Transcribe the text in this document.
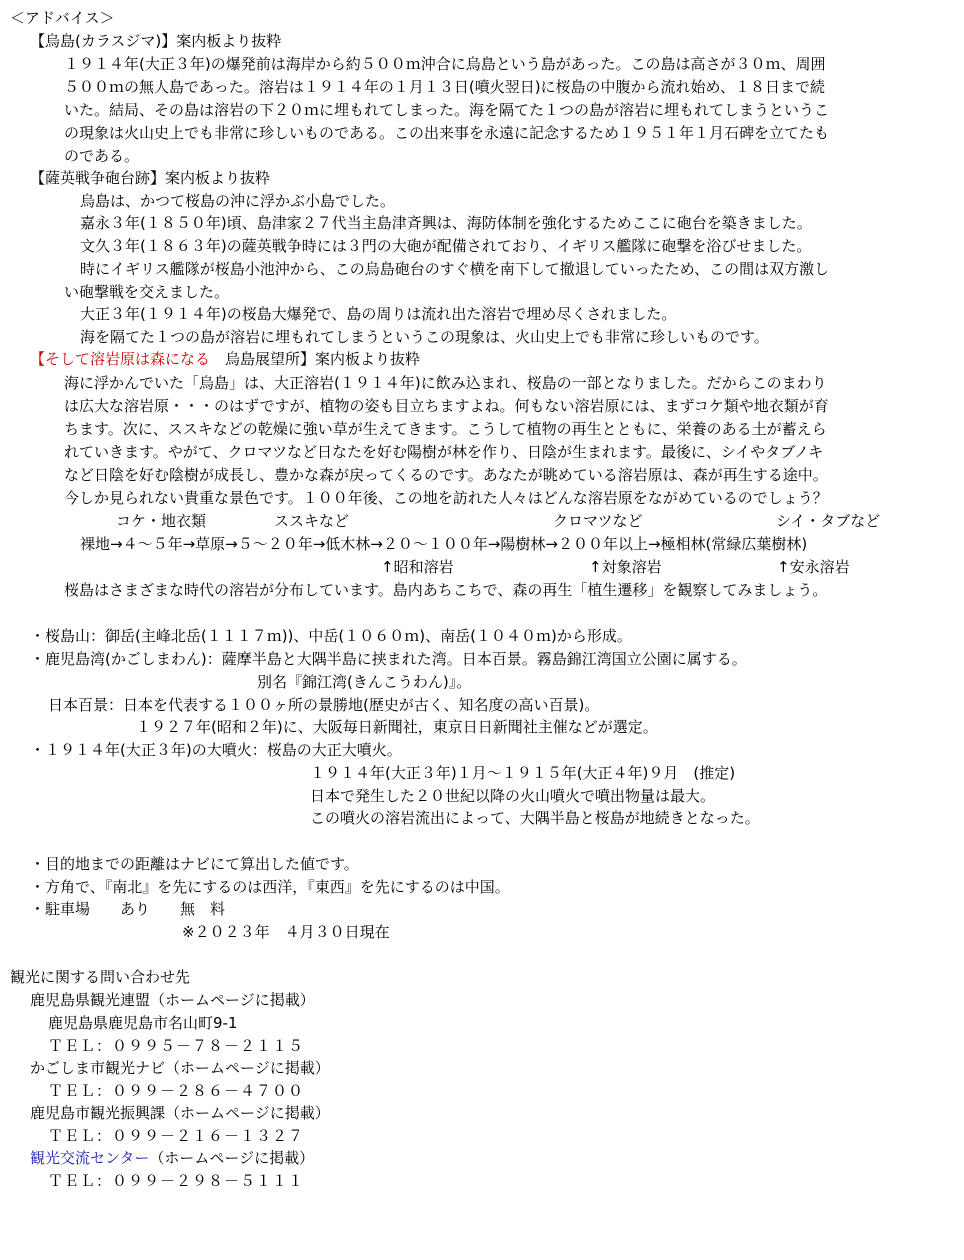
＜アドバイス＞
【烏島(カラスジマ)】案内板より抜粋
１９１４年(大正３年)の爆発前は海岸から約５００ｍ沖合に烏島という島があった。この島は高さが３０ｍ、周囲
５００ｍの無人島であった。溶岩は１９１４年の１月１３日(噴火翌日)に桜島の中腹から流れ始め、１８日まで続
いた。結局、その島は溶岩の下２０ｍに埋もれてしまった。海を隔てた１つの島が溶岩に埋もれてしまうというこ
の現象は火山史上でも非常に珍しいものである。この出来事を永遠に記念するため１９５１年１月石碑を立てたも
のである。
【薩英戦争砲台跡】案内板より抜粋
烏島は、かつて桜島の沖に浮かぶ小島でした。
嘉永３年(１８５０年)頃、島津家２７代当主島津斉興は、海防体制を強化するためここに砲台を築きました。
文久３年(１８６３年)の薩英戦争時には３門の大砲が配備されており、イギリス艦隊に砲撃を浴びせました。
時にイギリス艦隊が桜島小池沖から、この烏島砲台のすぐ横を南下して撤退していったため、この間は双方激し
い砲撃戦を交えました。
大正３年(１９１４年)の桜島大爆発で、島の周りは流れ出た溶岩で埋め尽くされました。
海を隔てた１つの島が溶岩に埋もれてしまうというこの現象は、火山史上でも非常に珍しいものです。
【そして溶岩原は森になる　烏島展望所】案内板より抜粋
海に浮かんでいた「烏島」は、大正溶岩(１９１４年)に飲み込まれ、桜島の一部となりました。だからこのまわり
は広大な溶岩原・・・のはずですが、植物の姿も目立ちますよね。何もない溶岩原には、まずコケ類や地衣類が育
ちます。次に、ススキなどの乾燥に強い草が生えてきます。こうして植物の再生とともに、栄養のある土が蓄えら
れていきます。やがて、クロマツなど日なたを好む陽樹が林を作り、日陰が生まれます。最後に、シイやタブノキ
など日陰を好む陰樹が成長し、豊かな森が戻ってくるのです。あなたが眺めている溶岩原は、森が再生する途中。
今しか見られない貴重な景色です。１００年後、この地を訪れた人々はどんな溶岩原をながめているのでしょう？
コケ・地衣類	ススキなど	クロマツなど	シイ・タブなど
裸地→４～５年→草原→５～２０年→低木林→２０～１００年→陽樹林→２００年以上→極相林(常緑広葉樹林)
↑昭和溶岩	↑対象溶岩	↑安永溶岩
桜島はさまざまな時代の溶岩が分布しています。島内あちこちで、森の再生「植生遷移」を観察してみましょう。
・桜島山：御岳(主峰北岳(１１１７ｍ))、中岳(１０６０ｍ)、南岳(１０４０ｍ)から形成。
・鹿児島湾(かごしまわん)：薩摩半島と大隅半島に挟まれた湾。日本百景。霧島錦江湾国立公園に属する。
別名『錦江湾(きんこうわん)』。
日本百景：日本を代表する１００ヶ所の景勝地(歴史が古く、知名度の高い百景)。
１９２７年(昭和２年)に、大阪毎日新聞社，東京日日新聞社主催などが選定。
・１９１４年(大正３年)の大噴火：桜島の大正大噴火。
１９１４年(大正３年)１月～１９１５年(大正４年)９月　(推定)
日本で発生した２０世紀以降の火山噴火で噴出物量は最大。
この噴火の溶岩流出によって、大隅半島と桜島が地続きとなった。
・目的地までの距離はナビにて算出した値です。
・方角で、『南北』を先にするのは西洋，『東西』を先にするのは中国。
・駐車場　　あり　　無　料
※２０２３年　４月３０日現在
観光に関する問い合わせ先
鹿児島県観光連盟（ホームページに掲載）
鹿児島県鹿児島市名山町9-1
ＴＥＬ：０９９５－７８－２１１５
かごしま市観光ナビ（ホームページに掲載）
ＴＥＬ：０９９－２８６－４７００
鹿児島市観光振興課（ホームページに掲載）
ＴＥＬ：０９９－２１６－１３２７
観光交流センター（ホームページに掲載）
ＴＥＬ：０９９－２９８－５１１１
